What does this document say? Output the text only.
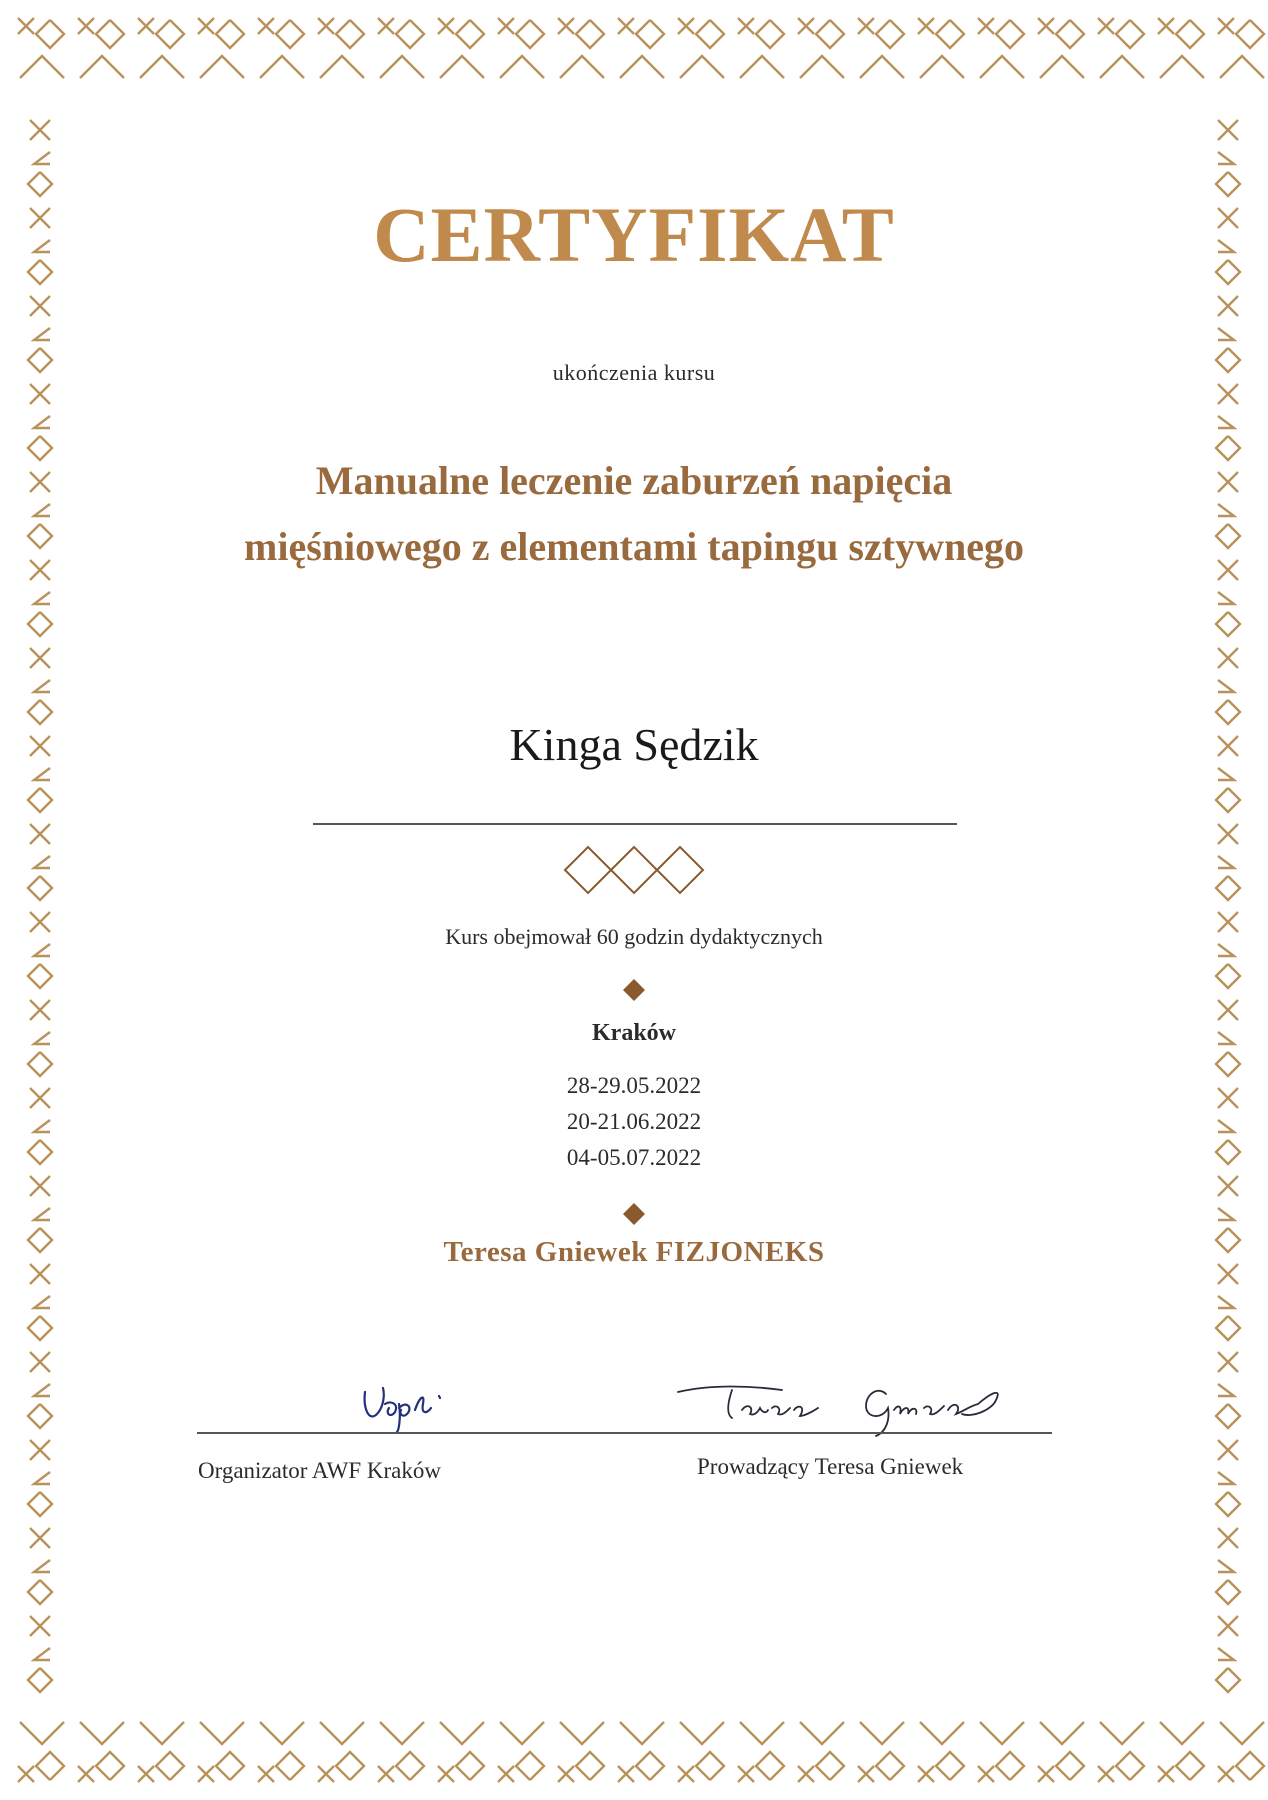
CERTYFIKAT
ukończenia kursu
Manualne leczenie zaburzeń napięcia
mięśniowego z elementami tapingu sztywnego
Kinga Sędzik
Kurs obejmował 60 godzin dydaktycznych
Kraków
28-29.05.2022
20-21.06.2022
04-05.07.2022
Teresa Gniewek FIZJONEKS
Organizator AWF Kraków	Prowadzący Teresa Gniewek
